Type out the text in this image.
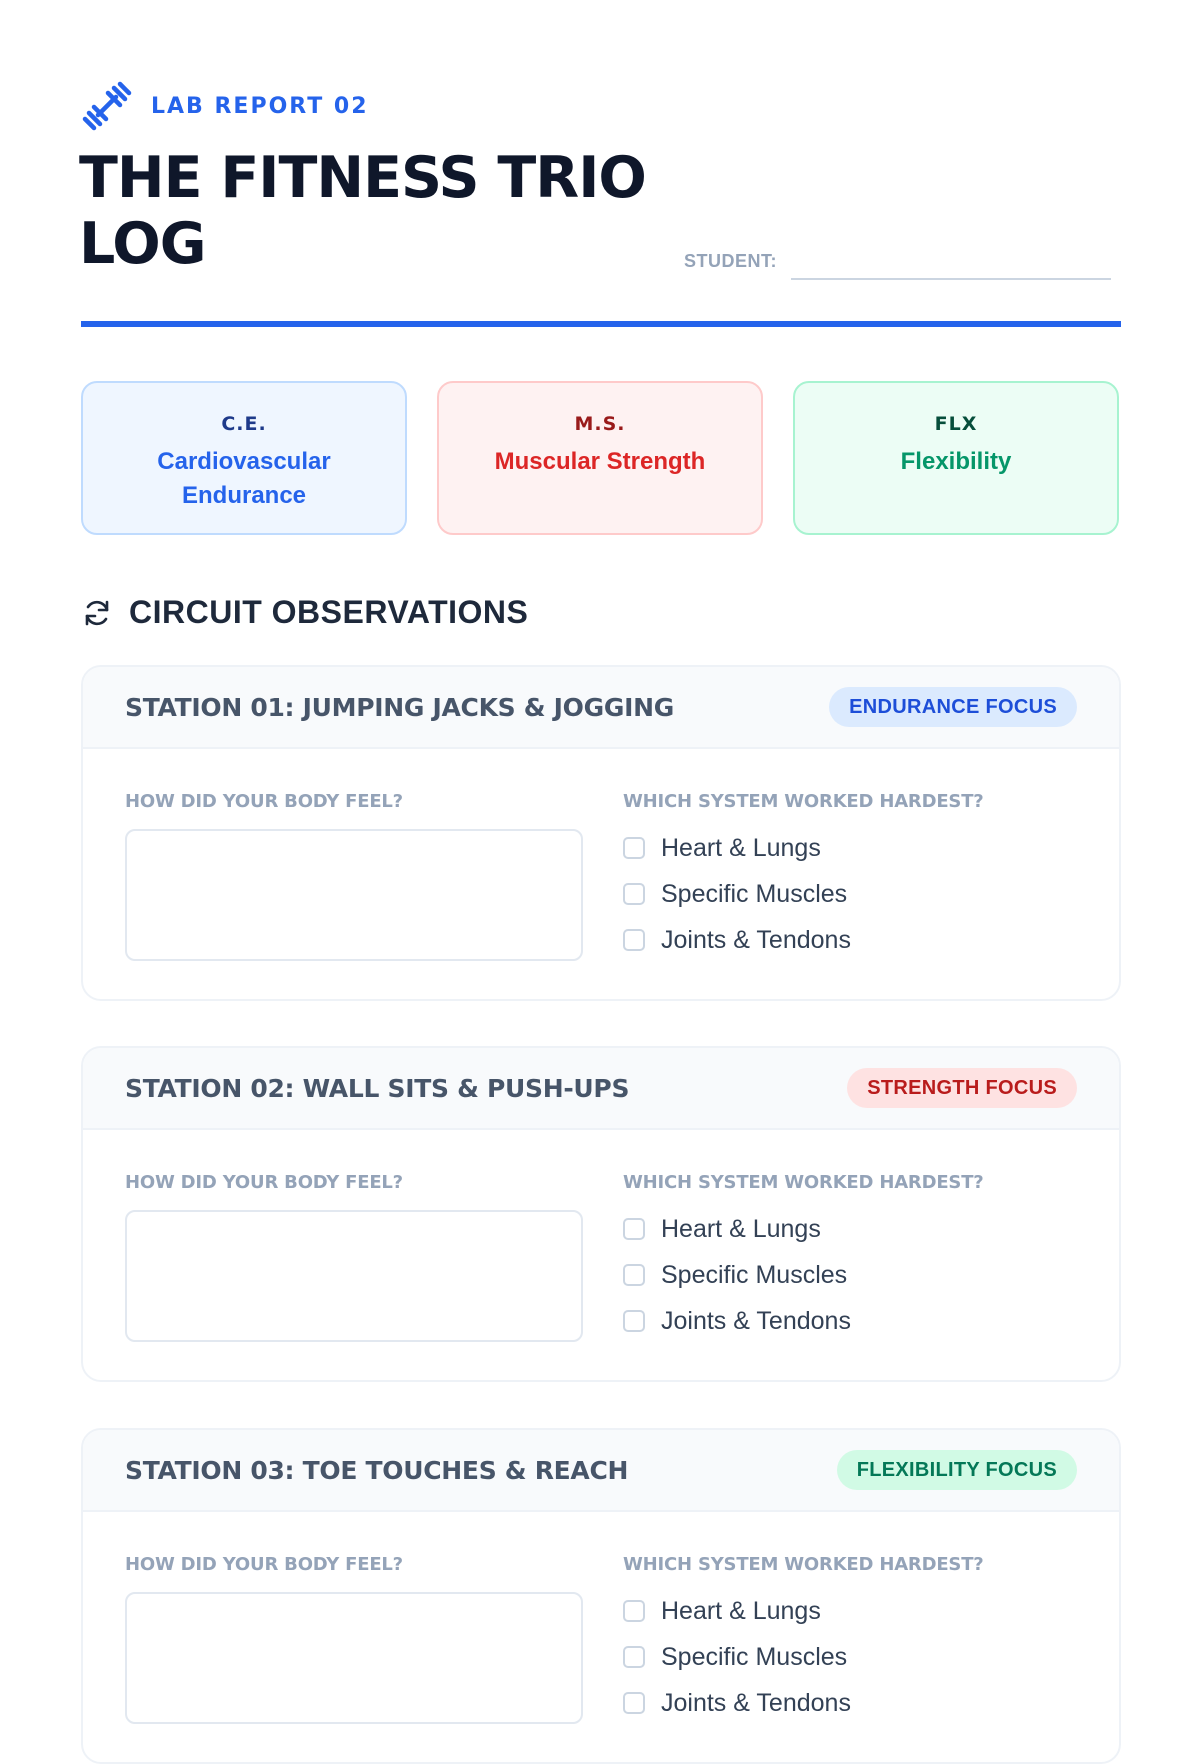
LAB REPORT 02
THE FITNESS TRIO LOG	STUDENT:
C.E.
Cardiovascular Endurance
M.S.
Muscular Strength
FLX
Flexibility
CIRCUIT OBSERVATIONS
STATION 01: JUMPING JACKS & JOGGING	ENDURANCE FOCUS
HOW DID YOUR BODY FEEL?	WHICH SYSTEM WORKED HARDEST?
Heart & Lungs
Specific Muscles
Joints & Tendons
STATION 02: WALL SITS & PUSH-UPS	STRENGTH FOCUS
HOW DID YOUR BODY FEEL?	WHICH SYSTEM WORKED HARDEST?
Heart & Lungs
Specific Muscles
Joints & Tendons
STATION 03: TOE TOUCHES & REACH	FLEXIBILITY FOCUS
HOW DID YOUR BODY FEEL?	WHICH SYSTEM WORKED HARDEST?
Heart & Lungs
Specific Muscles
Joints & Tendons
